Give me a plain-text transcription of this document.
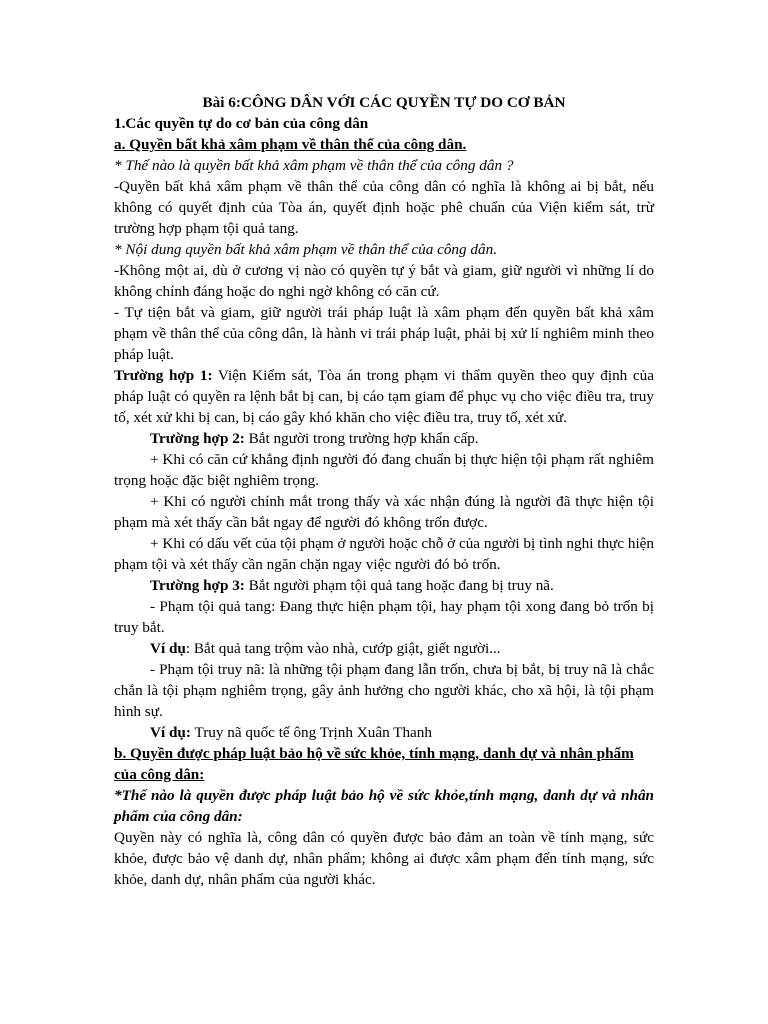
Bài 6:CÔNG DÂN VỚI CÁC QUYỀN TỰ DO CƠ BẢN
1.Các quyền tự do cơ bản của công dân
a. Quyền bất khả xâm phạm về thân thể của công dân.

* Thế nào là quyền bất khả xâm phạm về thân thể của công dân ?

-Quyền bất khả xâm phạm về thân thể của công dân có nghĩa là không ai bị bắt, nếu không có quyết định của Tòa án, quyết định hoặc phê chuẩn của Viện kiểm sát, trừ trường hợp phạm tội quả tang.

* Nội dung quyền bất khả xâm phạm về thân thể của công dân.

-Không một ai, dù ở cương vị nào có quyền tự ý bắt và giam, giữ người vì những lí do không chính đáng hoặc do nghi ngờ không có căn cứ.

- Tự tiện bắt và giam, giữ người trái pháp luật là xâm phạm đến quyền bất khả xâm phạm về thân thể của công dân, là hành vi trái pháp luật, phải bị xử lí nghiêm minh theo pháp luật.

Trường hợp 1: Viện Kiểm sát, Tòa án trong phạm vi thẩm quyền theo quy định của pháp luật có quyền ra lệnh bắt bị can, bị cáo tạm giam để phục vụ cho việc điều tra, truy tố, xét xử khi bị can, bị cáo gây khó khăn cho việc điều tra, truy tố, xét xử.

Trường hợp 2: Bắt người trong trường hợp khẩn cấp.

+ Khi có căn cứ khẳng định người đó đang chuẩn bị thực hiện tội phạm rất nghiêm trọng hoặc đặc biệt nghiêm trọng.

+ Khi có người chính mắt trong thấy và xác nhận đúng là người đã thực hiện tội phạm mà xét thấy cần bắt ngay để người đó không trốn được.

+ Khi có dấu vết của tội phạm ở người hoặc chỗ ở của người bị tình nghi thực hiện phạm tội và xét thấy cần ngăn chặn ngay việc người đó bỏ trốn.

Trường hợp 3: Bắt người phạm tội quả tang hoặc đang bị truy nã.

- Phạm tội quả tang: Đang thực hiện phạm tội, hay phạm tội xong đang bỏ trốn bị truy bắt.

Ví dụ: Bắt quả tang trộm vào nhà, cướp giật, giết người...

- Phạm tội truy nã: là những tội phạm đang lẫn trốn, chưa bị bắt, bị truy nã là chắc chắn là tội phạm nghiêm trọng, gây ảnh hưởng cho người khác, cho xã hội, là tội phạm hình sự.

Ví dụ: Truy nã quốc tế ông Trịnh Xuân Thanh

b. Quyền được pháp luật bảo hộ về sức khỏe, tính mạng, danh dự và nhân phẩm của công dân:

*Thế nào là quyền được pháp luật bảo hộ về sức khỏe,tính mạng, danh dự và nhân phẩm của công dân:

Quyền này có nghĩa là, công dân có quyền được bảo đảm an toàn về tính mạng, sức khỏe, được bảo vệ danh dự, nhân phẩm; không ai được xâm phạm đến tính mạng, sức khỏe, danh dự, nhân phẩm của người khác.
